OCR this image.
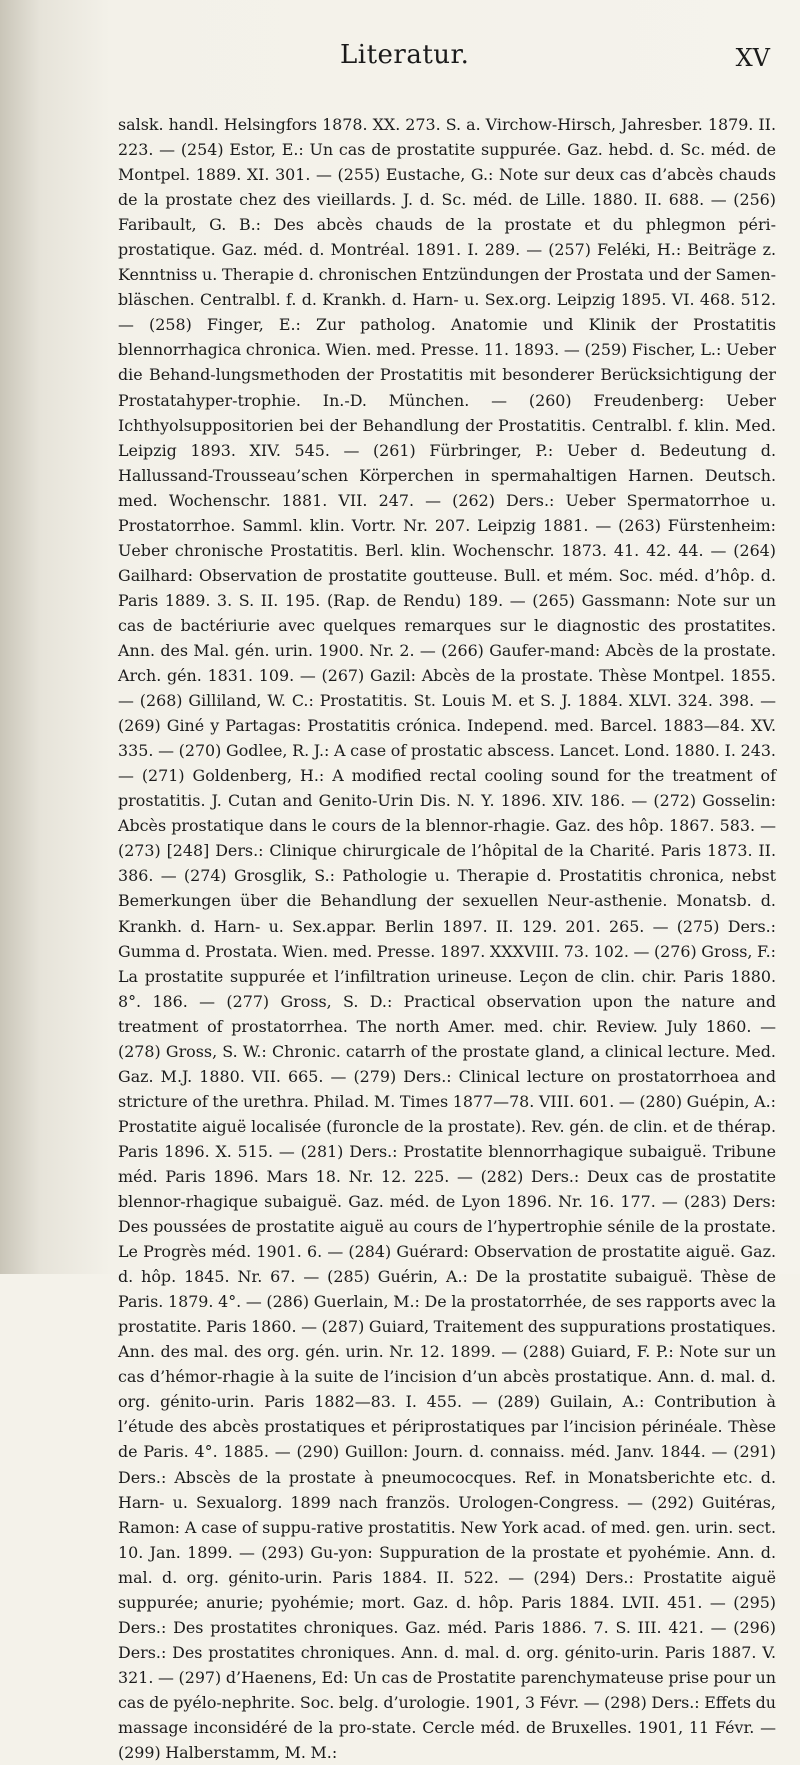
Literatur.	XV

salsk. handl. Helsingfors 1878. XX. 273. S. a. Virchow-Hirsch, Jahresber. 1879. II. 223. — (254) Estor, E.: Un cas de prostatite suppurée. Gaz. hebd. d. Sc. méd. de Montpel. 1889. XI. 301. — (255) Eustache, G.: Note sur deux cas d’abcès chauds de la prostate chez des vieillards. J. d. Sc. méd. de Lille. 1880. II. 688. — (256) Faribault, G. B.: Des abcès chauds de la prostate et du phlegmon péri-prostatique. Gaz. méd. d. Montréal. 1891. I. 289. — (257) Feléki, H.: Beiträge z. Kenntniss u. Therapie d. chronischen Entzündungen der Prostata und der Samen-bläschen. Centralbl. f. d. Krankh. d. Harn- u. Sex.org. Leipzig 1895. VI. 468. 512. — (258) Finger, E.: Zur patholog. Anatomie und Klinik der Prostatitis blennorrhagica chronica. Wien. med. Presse. 11. 1893. — (259) Fischer, L.: Ueber die Behand-lungsmethoden der Prostatitis mit besonderer Berücksichtigung der Prostatahyper-trophie. In.-D. München. — (260) Freudenberg: Ueber Ichthyolsuppositorien bei der Behandlung der Prostatitis. Centralbl. f. klin. Med. Leipzig 1893. XIV. 545. — (261) Fürbringer, P.: Ueber d. Bedeutung d. Hallussand-Trousseau’schen Körperchen in spermahaltigen Harnen. Deutsch. med. Wochenschr. 1881. VII. 247. — (262) Ders.: Ueber Spermatorrhoe u. Prostatorrhoe. Samml. klin. Vortr. Nr. 207. Leipzig 1881. — (263) Fürstenheim: Ueber chronische Prostatitis. Berl. klin. Wochenschr. 1873. 41. 42. 44. — (264) Gailhard: Observation de prostatite goutteuse. Bull. et mém. Soc. méd. d’hôp. d. Paris 1889. 3. S. II. 195. (Rap. de Rendu) 189. — (265) Gassmann: Note sur un cas de bactériurie avec quelques remarques sur le diagnostic des prostatites. Ann. des Mal. gén. urin. 1900. Nr. 2. — (266) Gaufer-mand: Abcès de la prostate. Arch. gén. 1831. 109. — (267) Gazil: Abcès de la prostate. Thèse Montpel. 1855. — (268) Gilliland, W. C.: Prostatitis. St. Louis M. et S. J. 1884. XLVI. 324. 398. — (269) Giné y Partagas: Prostatitis crónica. Independ. med. Barcel. 1883—84. XV. 335. — (270) Godlee, R. J.: A case of prostatic abscess. Lancet. Lond. 1880. I. 243. — (271) Goldenberg, H.: A modified rectal cooling sound for the treatment of prostatitis. J. Cutan and Genito-Urin Dis. N. Y. 1896. XIV. 186. — (272) Gosselin: Abcès prostatique dans le cours de la blennor-rhagie. Gaz. des hôp. 1867. 583. — (273) [248] Ders.: Clinique chirurgicale de l’hôpital de la Charité. Paris 1873. II. 386. — (274) Grosglik, S.: Pathologie u. Therapie d. Prostatitis chronica, nebst Bemerkungen über die Behandlung der sexuellen Neur-asthenie. Monatsb. d. Krankh. d. Harn- u. Sex.appar. Berlin 1897. II. 129. 201. 265. — (275) Ders.: Gumma d. Prostata. Wien. med. Presse. 1897. XXXVIII. 73. 102. — (276) Gross, F.: La prostatite suppurée et l’infiltration urineuse. Leçon de clin. chir. Paris 1880. 8°. 186. — (277) Gross, S. D.: Practical observation upon the nature and treatment of prostatorrhea. The north Amer. med. chir. Review. July 1860. — (278) Gross, S. W.: Chronic. catarrh of the prostate gland, a clinical lecture. Med. Gaz. M.J. 1880. VII. 665. — (279) Ders.: Clinical lecture on prostatorrhoea and stricture of the urethra. Philad. M. Times 1877—78. VIII. 601. — (280) Guépin, A.: Prostatite aiguë localisée (furoncle de la prostate). Rev. gén. de clin. et de thérap. Paris 1896. X. 515. — (281) Ders.: Prostatite blennorrhagique subaiguë. Tribune méd. Paris 1896. Mars 18. Nr. 12. 225. — (282) Ders.: Deux cas de prostatite blennor-rhagique subaiguë. Gaz. méd. de Lyon 1896. Nr. 16. 177. — (283) Ders: Des poussées de prostatite aiguë au cours de l’hypertrophie sénile de la prostate. Le Progrès méd. 1901. 6. — (284) Guérard: Observation de prostatite aiguë. Gaz. d. hôp. 1845. Nr. 67. — (285) Guérin, A.: De la prostatite subaiguë. Thèse de Paris. 1879. 4°. — (286) Guerlain, M.: De la prostatorrhée, de ses rapports avec la prostatite. Paris 1860. — (287) Guiard, Traitement des suppurations prostatiques. Ann. des mal. des org. gén. urin. Nr. 12. 1899. — (288) Guiard, F. P.: Note sur un cas d’hémor-rhagie à la suite de l’incision d’un abcès prostatique. Ann. d. mal. d. org. génito-urin. Paris 1882—83. I. 455. — (289) Guilain, A.: Contribution à l’étude des abcès prostatiques et périprostatiques par l’incision périnéale. Thèse de Paris. 4°. 1885. — (290) Guillon: Journ. d. connaiss. méd. Janv. 1844. — (291) Ders.: Abscès de la prostate à pneumococques. Ref. in Monatsberichte etc. d. Harn- u. Sexualorg. 1899 nach französ. Urologen-Congress. — (292) Guitéras, Ramon: A case of suppu-rative prostatitis. New York acad. of med. gen. urin. sect. 10. Jan. 1899. — (293) Gu-yon: Suppuration de la prostate et pyohémie. Ann. d. mal. d. org. génito-urin. Paris 1884. II. 522. — (294) Ders.: Prostatite aiguë suppurée; anurie; pyohémie; mort. Gaz. d. hôp. Paris 1884. LVII. 451. — (295) Ders.: Des prostatites chroniques. Gaz. méd. Paris 1886. 7. S. III. 421. — (296) Ders.: Des prostatites chroniques. Ann. d. mal. d. org. génito-urin. Paris 1887. V. 321. — (297) d’Haenens, Ed: Un cas de Prostatite parenchymateuse prise pour un cas de pyélo-nephrite. Soc. belg. d’urologie. 1901, 3 Févr. — (298) Ders.: Effets du massage inconsidéré de la pro-state. Cercle méd. de Bruxelles. 1901, 11 Févr. — (299) Halberstamm, M. M.:
